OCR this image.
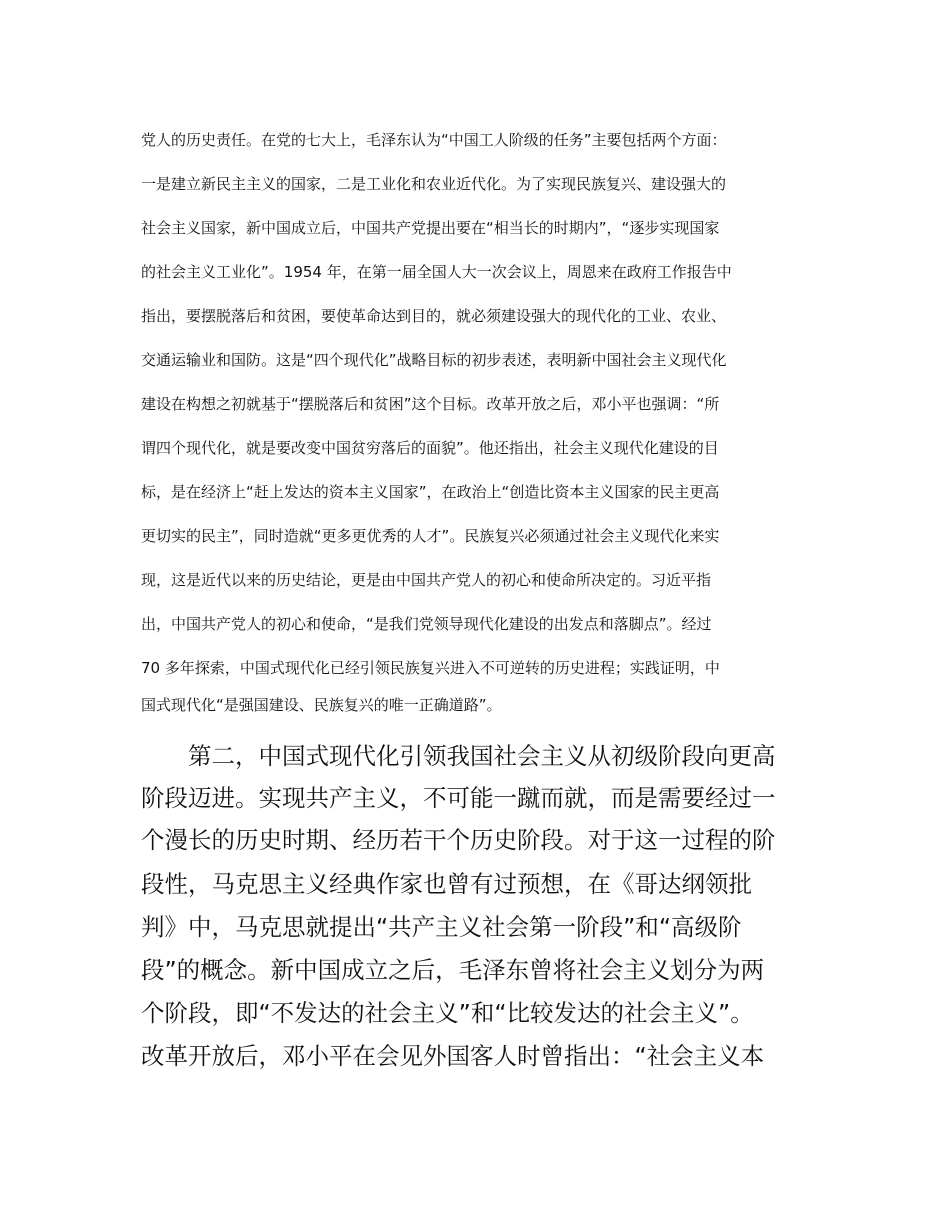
党人的历史责任。在党的七大上，毛泽东认为“中国工人阶级的任务”主要包括两个方面：
一是建立新民主主义的国家，二是工业化和农业近代化。为了实现民族复兴、建设强大的
社会主义国家，新中国成立后，中国共产党提出要在“相当长的时期内”，“逐步实现国家
的社会主义工业化”。1954 年，在第一届全国人大一次会议上，周恩来在政府工作报告中
指出，要摆脱落后和贫困，要使革命达到目的，就必须建设强大的现代化的工业、农业、
交通运输业和国防。这是“四个现代化”战略目标的初步表述，表明新中国社会主义现代化
建设在构想之初就基于“摆脱落后和贫困”这个目标。改革开放之后，邓小平也强调：“所
谓四个现代化，就是要改变中国贫穷落后的面貌”。他还指出，社会主义现代化建设的目
标，是在经济上“赶上发达的资本主义国家”，在政治上“创造比资本主义国家的民主更高
更切实的民主”，同时造就“更多更优秀的人才”。民族复兴必须通过社会主义现代化来实
现，这是近代以来的历史结论，更是由中国共产党人的初心和使命所决定的。习近平指
出，中国共产党人的初心和使命，“是我们党领导现代化建设的出发点和落脚点”。经过
70 多年探索，中国式现代化已经引领民族复兴进入不可逆转的历史进程；实践证明，中
国式现代化“是强国建设、民族复兴的唯一正确道路”。
　　第二，中国式现代化引领我国社会主义从初级阶段向更高
阶段迈进。实现共产主义，不可能一蹴而就，而是需要经过一
个漫长的历史时期、经历若干个历史阶段。对于这一过程的阶
段性，马克思主义经典作家也曾有过预想，在《哥达纲领批
判》中，马克思就提出“共产主义社会第一阶段”和“高级阶
段”的概念。新中国成立之后，毛泽东曾将社会主义划分为两
个阶段，即“不发达的社会主义”和“比较发达的社会主义”。
改革开放后，邓小平在会见外国客人时曾指出：“社会主义本
